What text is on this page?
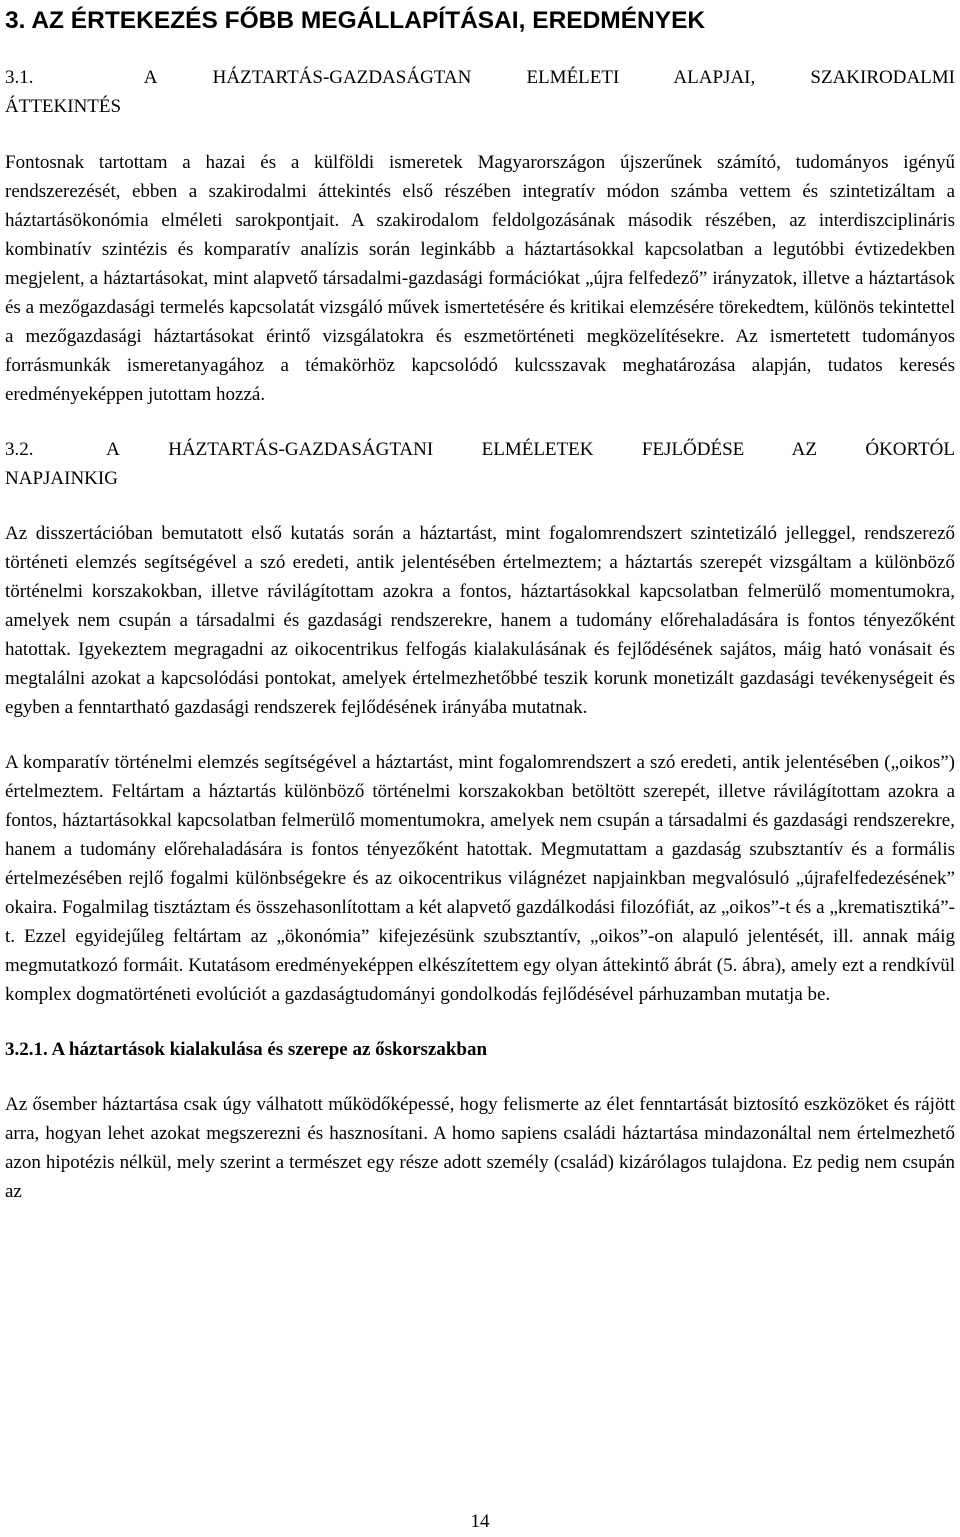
3. AZ ÉRTEKEZÉS FŐBB MEGÁLLAPÍTÁSAI, EREDMÉNYEK

3.1.      A   HÁZTARTÁS-GAZDASÁGTAN   ELMÉLETI   ALAPJAI,   SZAKIRODALMI

ÁTTEKINTÉS

Fontosnak tartottam a hazai és a külföldi ismeretek Magyarországon újszerűnek számító, tudományos igényű rendszerezését, ebben a szakirodalmi áttekintés első részében integratív módon számba vettem és szintetizáltam a háztartásökonómia elméleti sarokpontjait. A szakirodalom feldolgozásának második részében, az interdiszciplináris kombinatív szintézis és komparatív analízis során leginkább a háztartásokkal kapcsolatban a legutóbbi évtizedekben megjelent, a háztartásokat, mint alapvető társadalmi-gazdasági formációkat „újra felfedező” irányzatok, illetve a háztartások és a mezőgazdasági termelés kapcsolatát vizsgáló művek ismertetésére és kritikai elemzésére törekedtem, különös tekintettel a mezőgazdasági háztartásokat érintő vizsgálatokra és eszmetörténeti megközelítésekre. Az ismertetett tudományos forrásmunkák ismeretanyagához a témakörhöz kapcsolódó kulcsszavak meghatározása alapján, tudatos keresés eredményeképpen jutottam hozzá.

3.2.   A  HÁZTARTÁS-GAZDASÁGTANI  ELMÉLETEK  FEJLŐDÉSE  AZ  ÓKORTÓL

NAPJAINKIG

Az disszertációban bemutatott első kutatás során a háztartást, mint fogalomrendszert szintetizáló jelleggel, rendszerező történeti elemzés segítségével a szó eredeti, antik jelentésében értelmeztem; a háztartás szerepét vizsgáltam a különböző történelmi korszakokban, illetve rávilágítottam azokra a fontos, háztartásokkal kapcsolatban felmerülő momentumokra, amelyek nem csupán a társadalmi és gazdasági rendszerekre, hanem a tudomány előrehaladására is fontos tényezőként hatottak. Igyekeztem megragadni az oikocentrikus felfogás kialakulásának és fejlődésének sajátos, máig ható vonásait és megtalálni azokat a kapcsolódási pontokat, amelyek értelmezhetőbbé teszik korunk monetizált gazdasági tevékenységeit és egyben a fenntartható gazdasági rendszerek fejlődésének irányába mutatnak.

A komparatív történelmi elemzés segítségével a háztartást, mint fogalomrendszert a szó eredeti, antik jelentésében („oikos”) értelmeztem. Feltártam a háztartás különböző történelmi korszakokban betöltött szerepét, illetve rávilágítottam azokra a fontos, háztartásokkal kapcsolatban felmerülő momentumokra, amelyek nem csupán a társadalmi és gazdasági rendszerekre, hanem a tudomány előrehaladására is fontos tényezőként hatottak. Megmutattam a gazdaság szubsztantív és a formális értelmezésében rejlő fogalmi különbségekre és az oikocentrikus világnézet napjainkban megvalósuló „újrafelfedezésének” okaira. Fogalmilag tisztáztam és összehasonlítottam a két alapvető gazdálkodási filozófiát, az „oikos”-t és a „krematisztiká”-t. Ezzel egyidejűleg feltártam az „ökonómia” kifejezésünk szubsztantív, „oikos”-on alapuló jelentését, ill. annak máig megmutatkozó formáit. Kutatásom eredményeképpen elkészítettem egy olyan áttekintő ábrát (5. ábra), amely ezt a rendkívül komplex dogmatörténeti evolúciót a gazdaságtudományi gondolkodás fejlődésével párhuzamban mutatja be.

3.2.1. A háztartások kialakulása és szerepe az őskorszakban

Az ősember háztartása csak úgy válhatott működőképessé, hogy felismerte az élet fenntartását biztosító eszközöket és rájött arra, hogyan lehet azokat megszerezni és hasznosítani. A homo sapiens családi háztartása mindazonáltal nem értelmezhető azon hipotézis nélkül, mely szerint a természet egy része adott személy (család) kizárólagos tulajdona. Ez pedig nem csupán az

14
